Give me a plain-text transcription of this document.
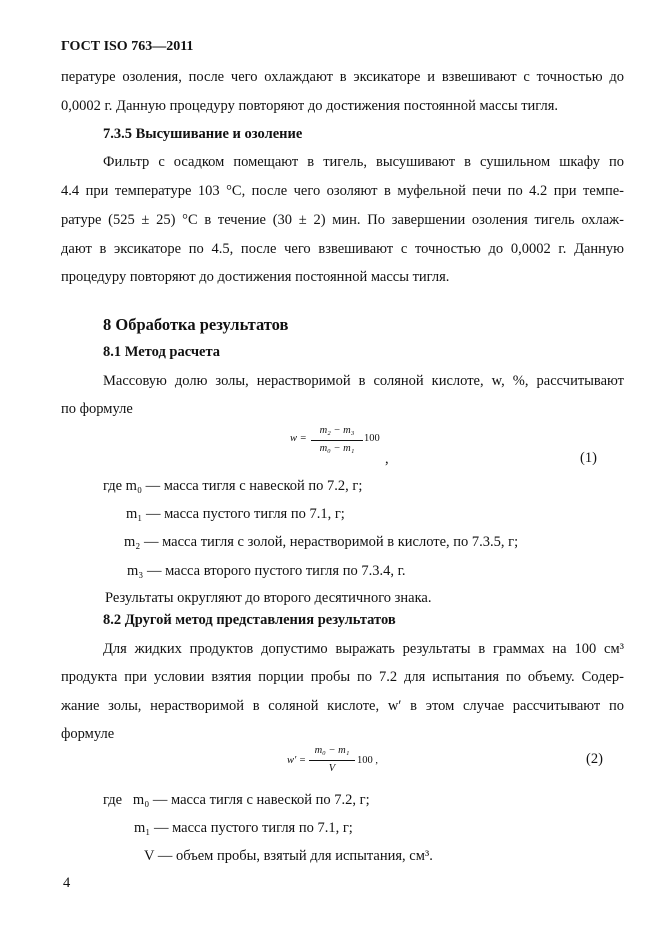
ГОСТ ISO 763—2011
пературе озоления, после чего охлаждают в эксикаторе и взвешивают с точностью до
0,0002 г. Данную процедуру повторяют до достижения постоянной массы тигля.
7.3.5 Высушивание и озоление
Фильтр с осадком помещают в тигель, высушивают в сушильном шкафу по
4.4 при температуре 103 °С, после чего озоляют в муфельной печи по 4.2 при темпе-
ратуре (525 ± 25) °С в течение (30 ± 2) мин. По завершении озоления тигель охлаж-
дают в эксикаторе по 4.5, после чего взвешивают с точностью до 0,0002 г. Данную
процедуру повторяют до достижения постоянной массы тигля.
8 Обработка результатов
8.1 Метод расчета
Массовую долю золы, нерастворимой в соляной кислоте, w, %, рассчитывают
по формуле
w =
m₂ − m₃
m₀ − m₁
100
,	(1)
где m₀ — масса тигля с навеской по 7.2, г;
m₁ — масса пустого тигля по 7.1, г;
m₂ — масса тигля с золой, нерастворимой в кислоте, по 7.3.5, г;
m₃ — масса второго пустого тигля по 7.3.4, г.
Результаты округляют до второго десятичного знака.
8.2 Другой метод представления результатов
Для жидких продуктов допустимо выражать результаты в граммах на 100 см³
продукта при условии взятия порции пробы по 7.2 для испытания по объему. Содер-
жание золы, нерастворимой в соляной кислоте, w′ в этом случае рассчитывают по
формуле
w′ =
m₀ − m₁
V
100 ,	(2)
где   m₀ — масса тигля с навеской по 7.2, г;
m₁ — масса пустого тигля по 7.1, г;
V — объем пробы, взятый для испытания, см³.
4
